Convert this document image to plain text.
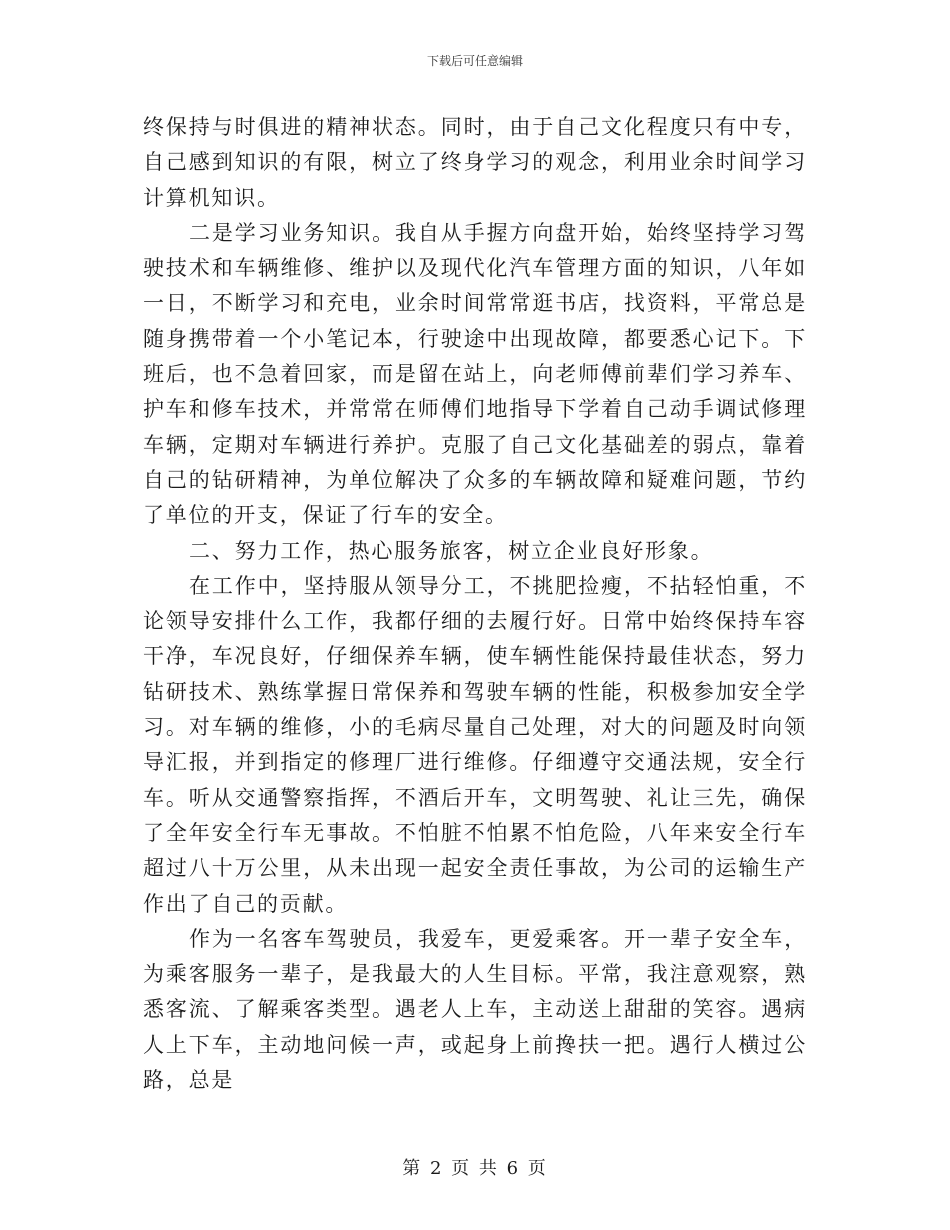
下载后可任意编辑

终保持与时俱进的精神状态。同时，由于自己文化程度只有中专，自己感到知识的有限，树立了终身学习的观念，利用业余时间学习计算机知识。

二是学习业务知识。我自从手握方向盘开始，始终坚持学习驾驶技术和车辆维修、维护以及现代化汽车管理方面的知识，八年如一日，不断学习和充电，业余时间常常逛书店，找资料，平常总是随身携带着一个小笔记本，行驶途中出现故障，都要悉心记下。下班后，也不急着回家，而是留在站上，向老师傅前辈们学习养车、护车和修车技术，并常常在师傅们地指导下学着自己动手调试修理车辆，定期对车辆进行养护。克服了自己文化基础差的弱点，靠着自己的钻研精神，为单位解决了众多的车辆故障和疑难问题，节约了单位的开支，保证了行车的安全。

二、努力工作，热心服务旅客，树立企业良好形象。

在工作中，坚持服从领导分工，不挑肥捡瘦，不拈轻怕重，不论领导安排什么工作，我都仔细的去履行好。日常中始终保持车容干净，车况良好，仔细保养车辆，使车辆性能保持最佳状态，努力钻研技术、熟练掌握日常保养和驾驶车辆的性能，积极参加安全学习。对车辆的维修，小的毛病尽量自己处理，对大的问题及时向领导汇报，并到指定的修理厂进行维修。仔细遵守交通法规，安全行车。听从交通警察指挥，不酒后开车，文明驾驶、礼让三先，确保了全年安全行车无事故。不怕脏不怕累不怕危险，八年来安全行车超过八十万公里，从未出现一起安全责任事故，为公司的运输生产作出了自己的贡献。

作为一名客车驾驶员，我爱车，更爱乘客。开一辈子安全车，为乘客服务一辈子，是我最大的人生目标。平常，我注意观察，熟悉客流、了解乘客类型。遇老人上车，主动送上甜甜的笑容。遇病人上下车，主动地问候一声，或起身上前搀扶一把。遇行人横过公路，总是

第 2 页 共 6 页
